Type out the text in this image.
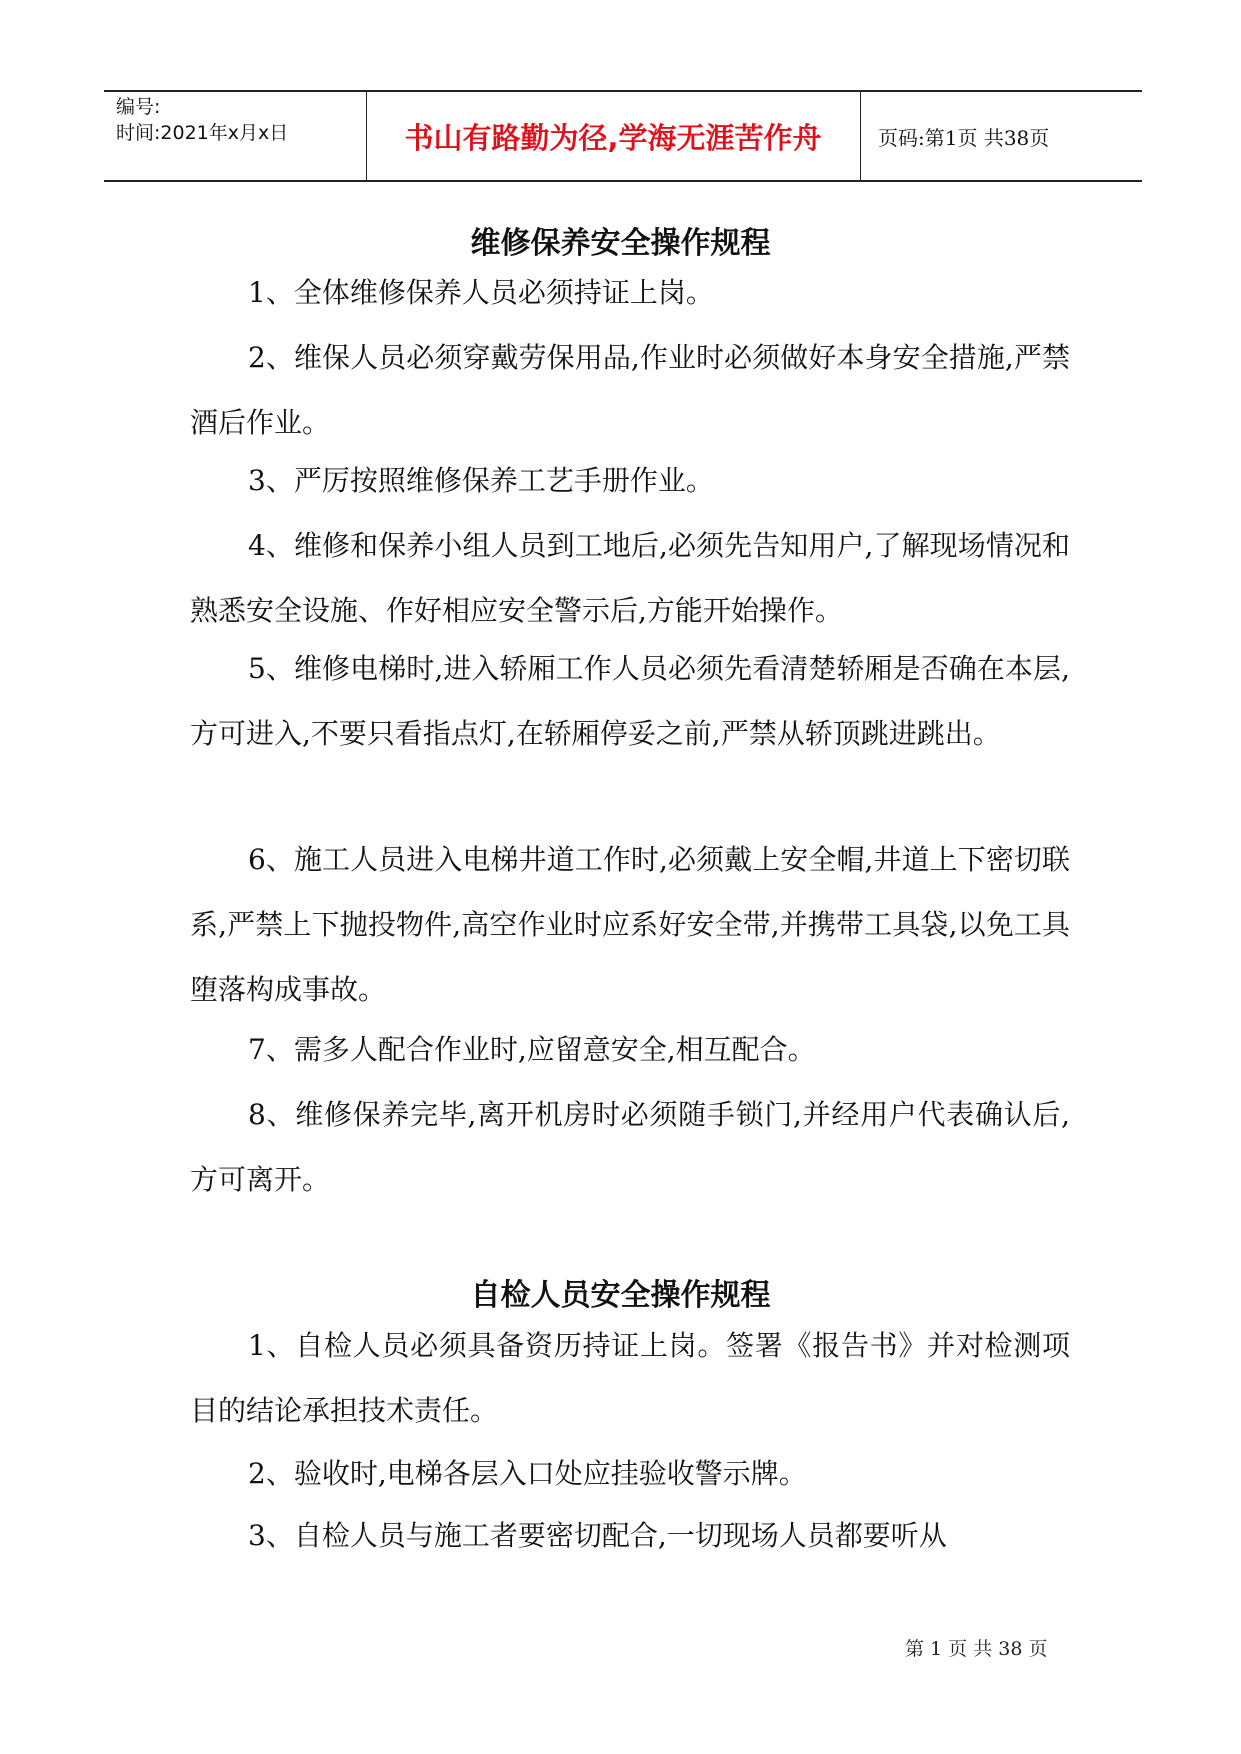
编号:
时间:2021年x月x日	书山有路勤为径,学海无涯苦作舟	页码:第1页 共38页
维修保养安全操作规程
1、全体维修保养人员必须持证上岗。
2、维保人员必须穿戴劳保用品,作业时必须做好本身安全措施,严禁酒后作业。
3、严厉按照维修保养工艺手册作业。
4、维修和保养小组人员到工地后,必须先告知用户,了解现场情况和熟悉安全设施、作好相应安全警示后,方能开始操作。
5、维修电梯时,进入轿厢工作人员必须先看清楚轿厢是否确在本层,方可进入,不要只看指点灯,在轿厢停妥之前,严禁从轿顶跳进跳出。
6、施工人员进入电梯井道工作时,必须戴上安全帽,井道上下密切联系,严禁上下抛投物件,高空作业时应系好安全带,并携带工具袋,以免工具堕落构成事故。
7、需多人配合作业时,应留意安全,相互配合。
8、维修保养完毕,离开机房时必须随手锁门,并经用户代表确认后,方可离开。
自检人员安全操作规程
1、自检人员必须具备资历持证上岗。签署《报告书》并对检测项目的结论承担技术责任。
2、验收时,电梯各层入口处应挂验收警示牌。
3、自检人员与施工者要密切配合,一切现场人员都要听从
第 1 页 共 38 页
